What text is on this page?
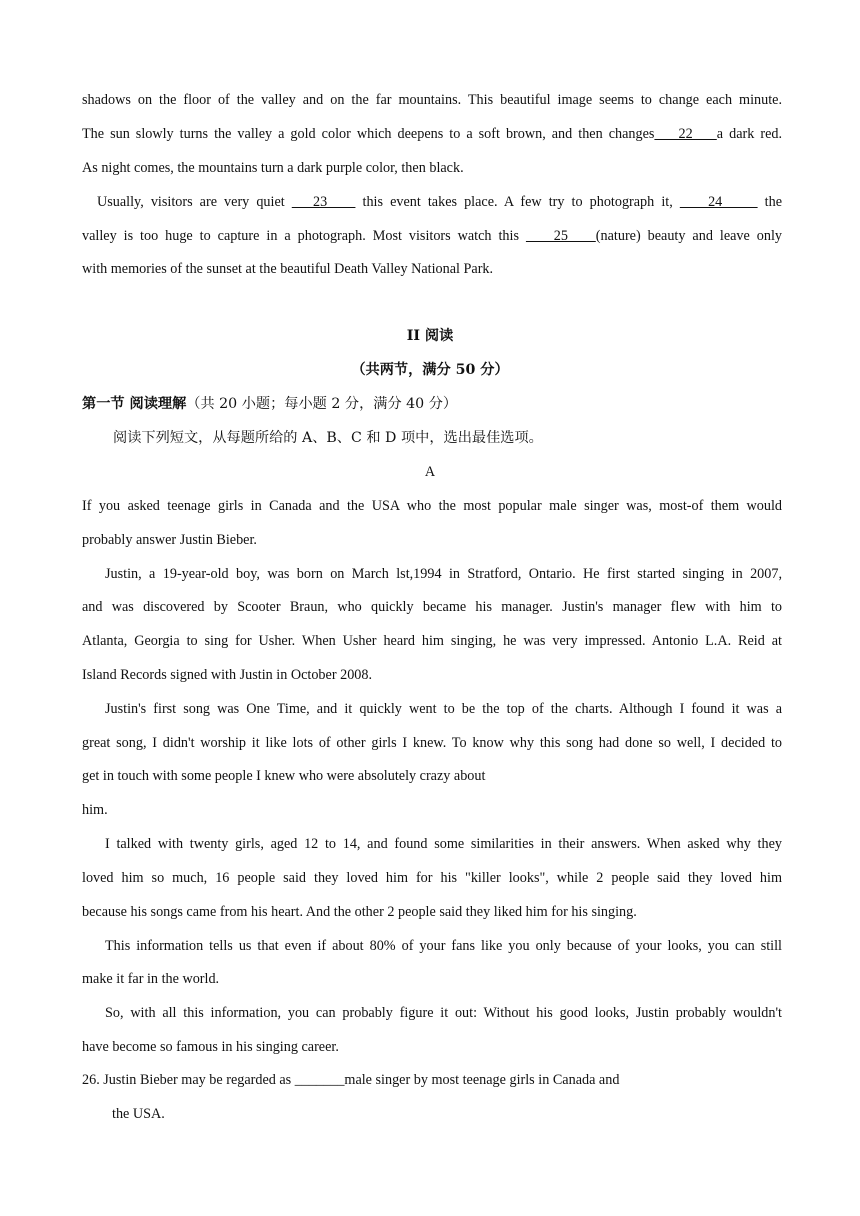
shadows on the floor of the valley and on the far mountains. This beautiful image seems to change each minute.
The sun slowly turns the valley a gold color which deepens to a soft brown, and then changes    22    a dark red.
As night comes, the mountains turn a dark purple color, then black.
Usually, visitors are very quiet    23     this event takes place. A few try to photograph it,     24      the
valley is too huge to capture in a photograph. Most visitors watch this     25    (nature) beauty and leave only
with memories of the sunset at the beautiful Death Valley National Park.
II 阅读
（共两节，满分 50 分）
第一节 阅读理解（共 20 小题；每小题 2 分，满分 40 分）
阅读下列短文，从每题所给的 A、B、C 和 D 项中，选出最佳选项。
A
If you asked teenage girls in Canada and the USA who the most popular male singer was, most-of them would
probably answer Justin Bieber.
Justin, a 19-year-old boy, was born on March lst,1994 in Stratford, Ontario. He first started singing in 2007,
and was discovered by Scooter Braun, who quickly became his manager. Justin's manager flew with him to
Atlanta, Georgia to sing for Usher. When Usher heard him singing, he was very impressed. Antonio L.A. Reid at
Island Records signed with Justin in October 2008.
Justin's first song was One Time, and it quickly went to be the top of the charts. Although I found it was a
great song, I didn't worship it like lots of other girls I knew. To know why this song had done so well, I decided to
get in touch with some people I knew who were absolutely crazy about
him.
I talked with twenty girls, aged 12 to 14, and found some similarities in their answers. When asked why they
loved him so much, 16 people said they loved him for his "killer looks", while 2 people said they loved him
because his songs came from his heart. And the other 2 people said they liked him for his singing.
This information tells us that even if about 80% of your fans like you only because of your looks, you can still
make it far in the world.
So, with all this information, you can probably figure it out: Without his good looks, Justin probably wouldn't
have become so famous in his singing career.
26. Justin Bieber may be regarded as _______male singer by most teenage girls in Canada and
the USA.
